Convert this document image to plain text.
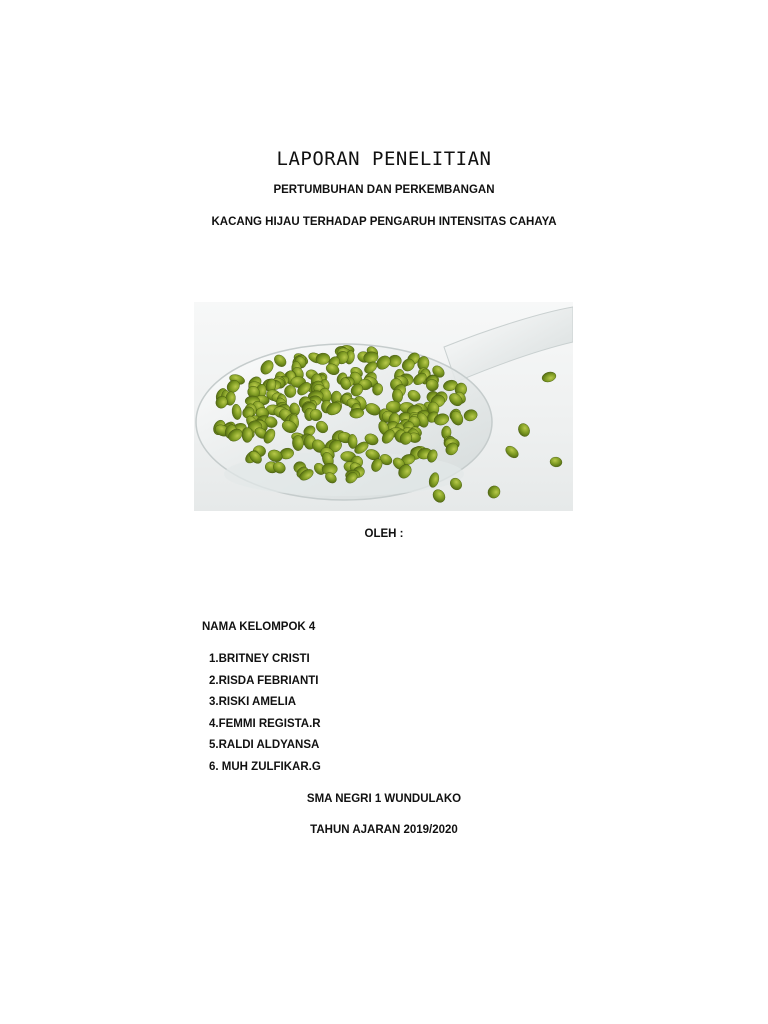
LAPORAN PENELITIAN
PERTUMBUHAN DAN PERKEMBANGAN
KACANG HIJAU TERHADAP PENGARUH INTENSITAS CAHAYA
OLEH :
NAMA KELOMPOK 4
1.BRITNEY CRISTI
2.RISDA FEBRIANTI
3.RISKI AMELIA
4.FEMMI REGISTA.R
5.RALDI ALDYANSA
6. MUH ZULFIKAR.G
SMA NEGRI 1 WUNDULAKO
TAHUN AJARAN 2019/2020
